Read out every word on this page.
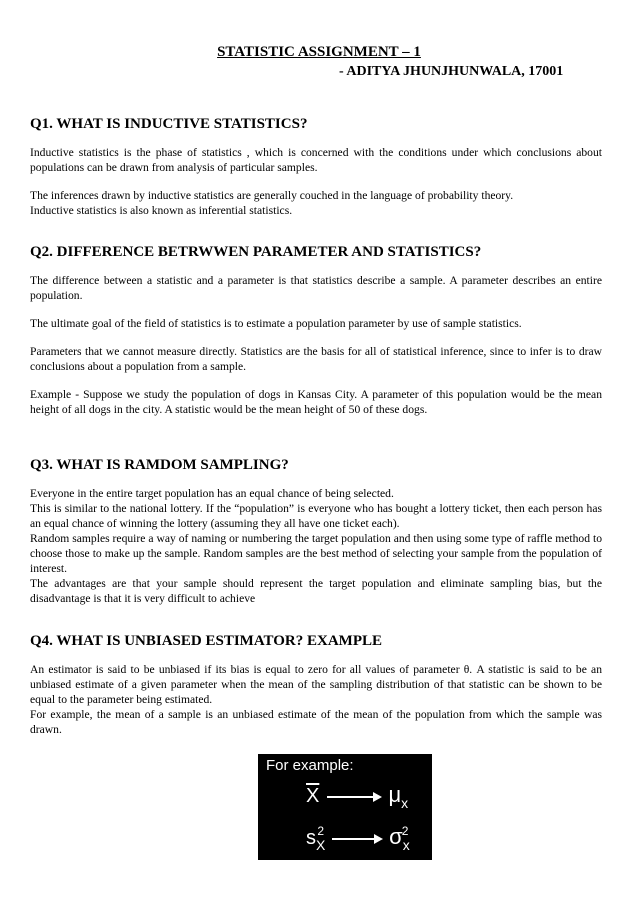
STATISTIC ASSIGNMENT – 1
- ADITYA JHUNJHUNWALA, 17001
Q1. WHAT IS INDUCTIVE STATISTICS?

Inductive statistics is the phase of statistics , which is concerned with the conditions under which conclusions about populations can be drawn from analysis of particular samples.

The inferences drawn by inductive statistics are generally couched in the language of probability theory.

Inductive statistics is also known as inferential statistics.

Q2. DIFFERENCE BETRWWEN PARAMETER AND STATISTICS?

The difference between a statistic and a parameter is that statistics describe a sample. A parameter describes an entire population.

The ultimate goal of the field of statistics is to estimate a population parameter by use of sample statistics.

Parameters that we cannot measure directly. Statistics are the basis for all of statistical inference, since to infer is to draw conclusions about a population from a sample.

Example - Suppose we study the population of dogs in Kansas City. A parameter of this population would be the mean height of all dogs in the city. A statistic would be the mean height of 50 of these dogs.

Q3. WHAT IS RAMDOM SAMPLING?

Everyone in the entire target population has an equal chance of being selected.

This is similar to the national lottery. If the “population” is everyone who has bought a lottery ticket, then each person has an equal chance of winning the lottery (assuming they all have one ticket each).

Random samples require a way of naming or numbering the target population and then using some type of raffle method to choose those to make up the sample. Random samples are the best method of selecting your sample from the population of interest.

The advantages are that your sample should represent the target population and eliminate sampling bias, but the disadvantage is that it is very difficult to achieve

Q4. WHAT IS UNBIASED ESTIMATOR? EXAMPLE

An estimator is said to be unbiased if its bias is equal to zero for all values of parameter θ. A statistic is said to be an unbiased estimate of a given parameter when the mean of the sampling distribution of that statistic can be shown to be equal to the parameter being estimated.

For example, the mean of a sample is an unbiased estimate of the mean of the population from which the sample was drawn.

For example:
$\overline{X}$	$\mu_x$
$s_X^2$	$\sigma_x^2$
